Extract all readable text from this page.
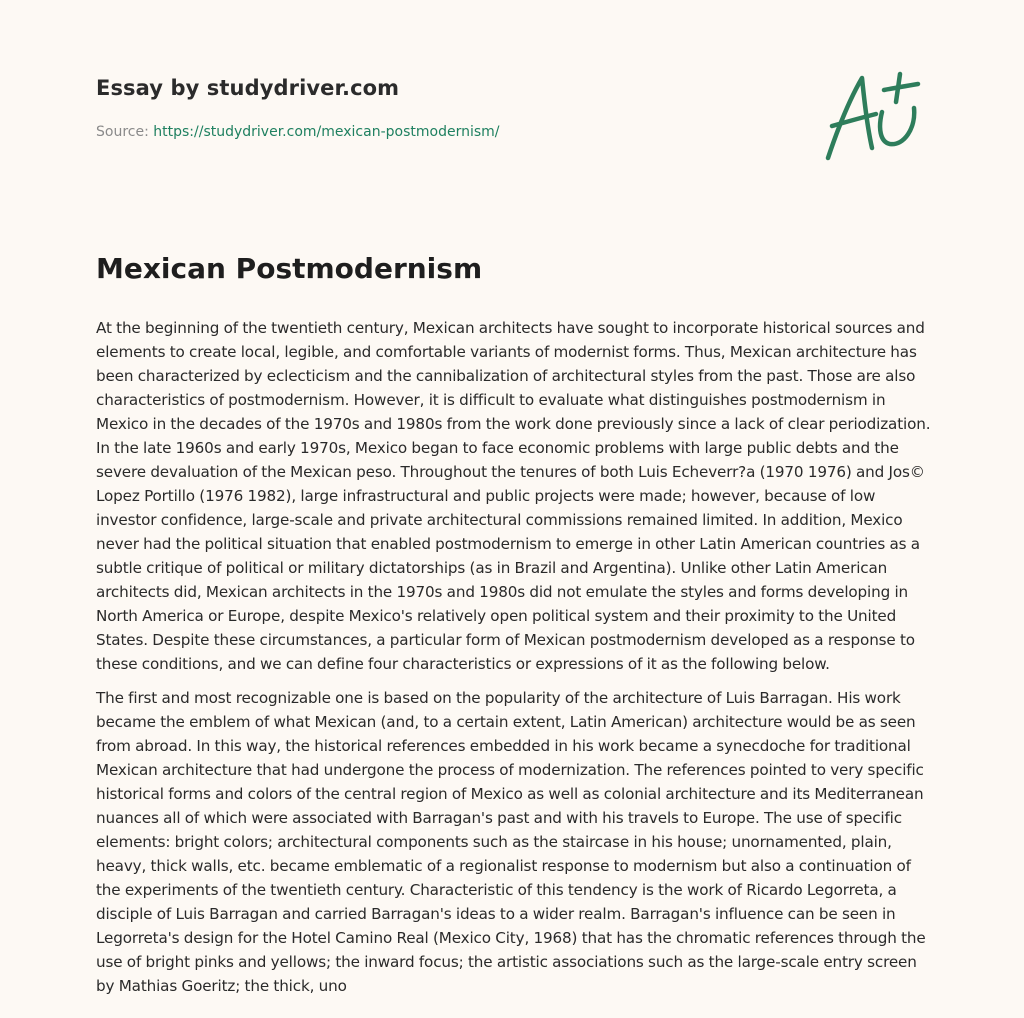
Essay by studydriver.com
Source: https://studydriver.com/mexican-postmodernism/
Mexican Postmodernism

At the beginning of the twentieth century, Mexican architects have sought to incorporate historical sources and elements to create local, legible, and comfortable variants of modernist forms. Thus, Mexican architecture has been characterized by eclecticism and the cannibalization of architectural styles from the past. Those are also characteristics of postmodernism. However, it is difficult to evaluate what distinguishes postmodernism in Mexico in the decades of the 1970s and 1980s from the work done previously since a lack of clear periodization. In the late 1960s and early 1970s, Mexico began to face economic problems with large public debts and the severe devaluation of the Mexican peso. Throughout the tenures of both Luis Echeverr?a (1970 1976) and Jos© Lopez Portillo (1976 1982), large infrastructural and public projects were made; however, because of low investor confidence, large-scale and private architectural commissions remained limited. In addition, Mexico never had the political situation that enabled postmodernism to emerge in other Latin American countries as a subtle critique of political or military dictatorships (as in Brazil and Argentina). Unlike other Latin American architects did, Mexican architects in the 1970s and 1980s did not emulate the styles and forms developing in North America or Europe, despite Mexico's relatively open political system and their proximity to the United States. Despite these circumstances, a particular form of Mexican postmodernism developed as a response to these conditions, and we can define four characteristics or expressions of it as the following below.

The first and most recognizable one is based on the popularity of the architecture of Luis Barragan. His work became the emblem of what Mexican (and, to a certain extent, Latin American) architecture would be as seen from abroad. In this way, the historical references embedded in his work became a synecdoche for traditional Mexican architecture that had undergone the process of modernization. The references pointed to very specific historical forms and colors of the central region of Mexico as well as colonial architecture and its Mediterranean nuances all of which were associated with Barragan's past and with his travels to Europe. The use of specific elements: bright colors; architectural components such as the staircase in his house; unornamented, plain, heavy, thick walls, etc. became emblematic of a regionalist response to modernism but also a continuation of the experiments of the twentieth century. Characteristic of this tendency is the work of Ricardo Legorreta, a disciple of Luis Barragan and carried Barragan's ideas to a wider realm. Barragan's influence can be seen in Legorreta's design for the Hotel Camino Real (Mexico City, 1968) that has the chromatic references through the use of bright pinks and yellows; the inward focus; the artistic associations such as the large-scale entry screen by Mathias Goeritz; the thick, uno
